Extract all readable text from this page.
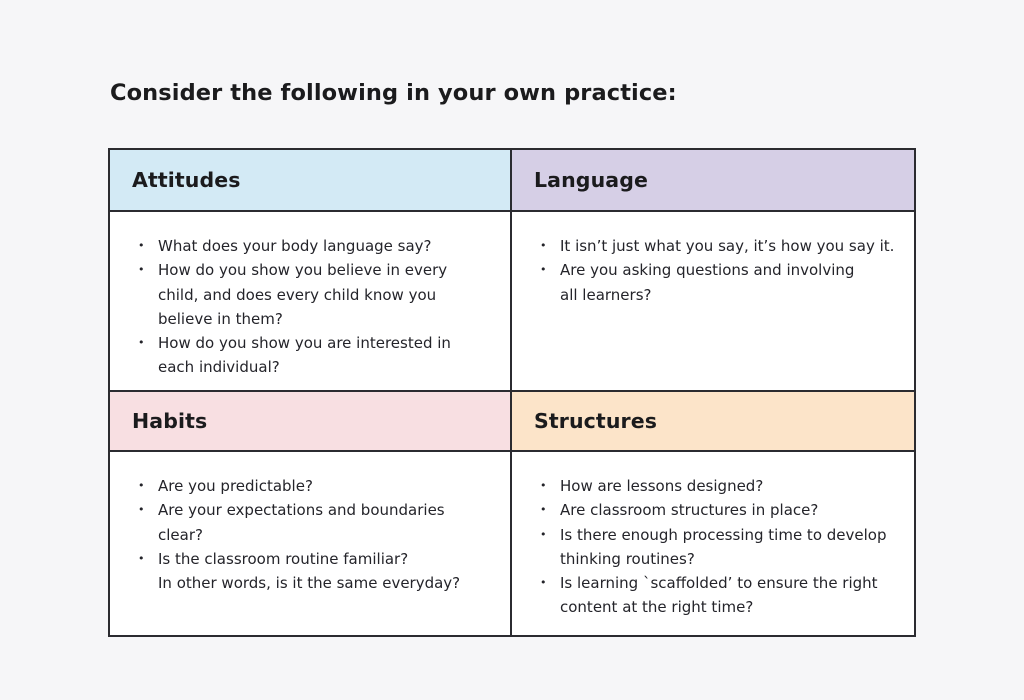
Consider the following in your own practice:
Attitudes	Language
• What does your body language say?
• How do you show you believe in every
child, and does every child know you
believe in them?
• How do you show you are interested in
each individual?
• It isn’t just what you say, it’s how you say it.
• Are you asking questions and involving
all learners?
Habits	Structures
• Are you predictable?
• Are your expectations and boundaries clear?
• Is the classroom routine familiar?
In other words, is it the same everyday?
• How are lessons designed?
• Are classroom structures in place?
• Is there enough processing time to develop
thinking routines?
• Is learning `scaffolded’ to ensure the right
content at the right time?
